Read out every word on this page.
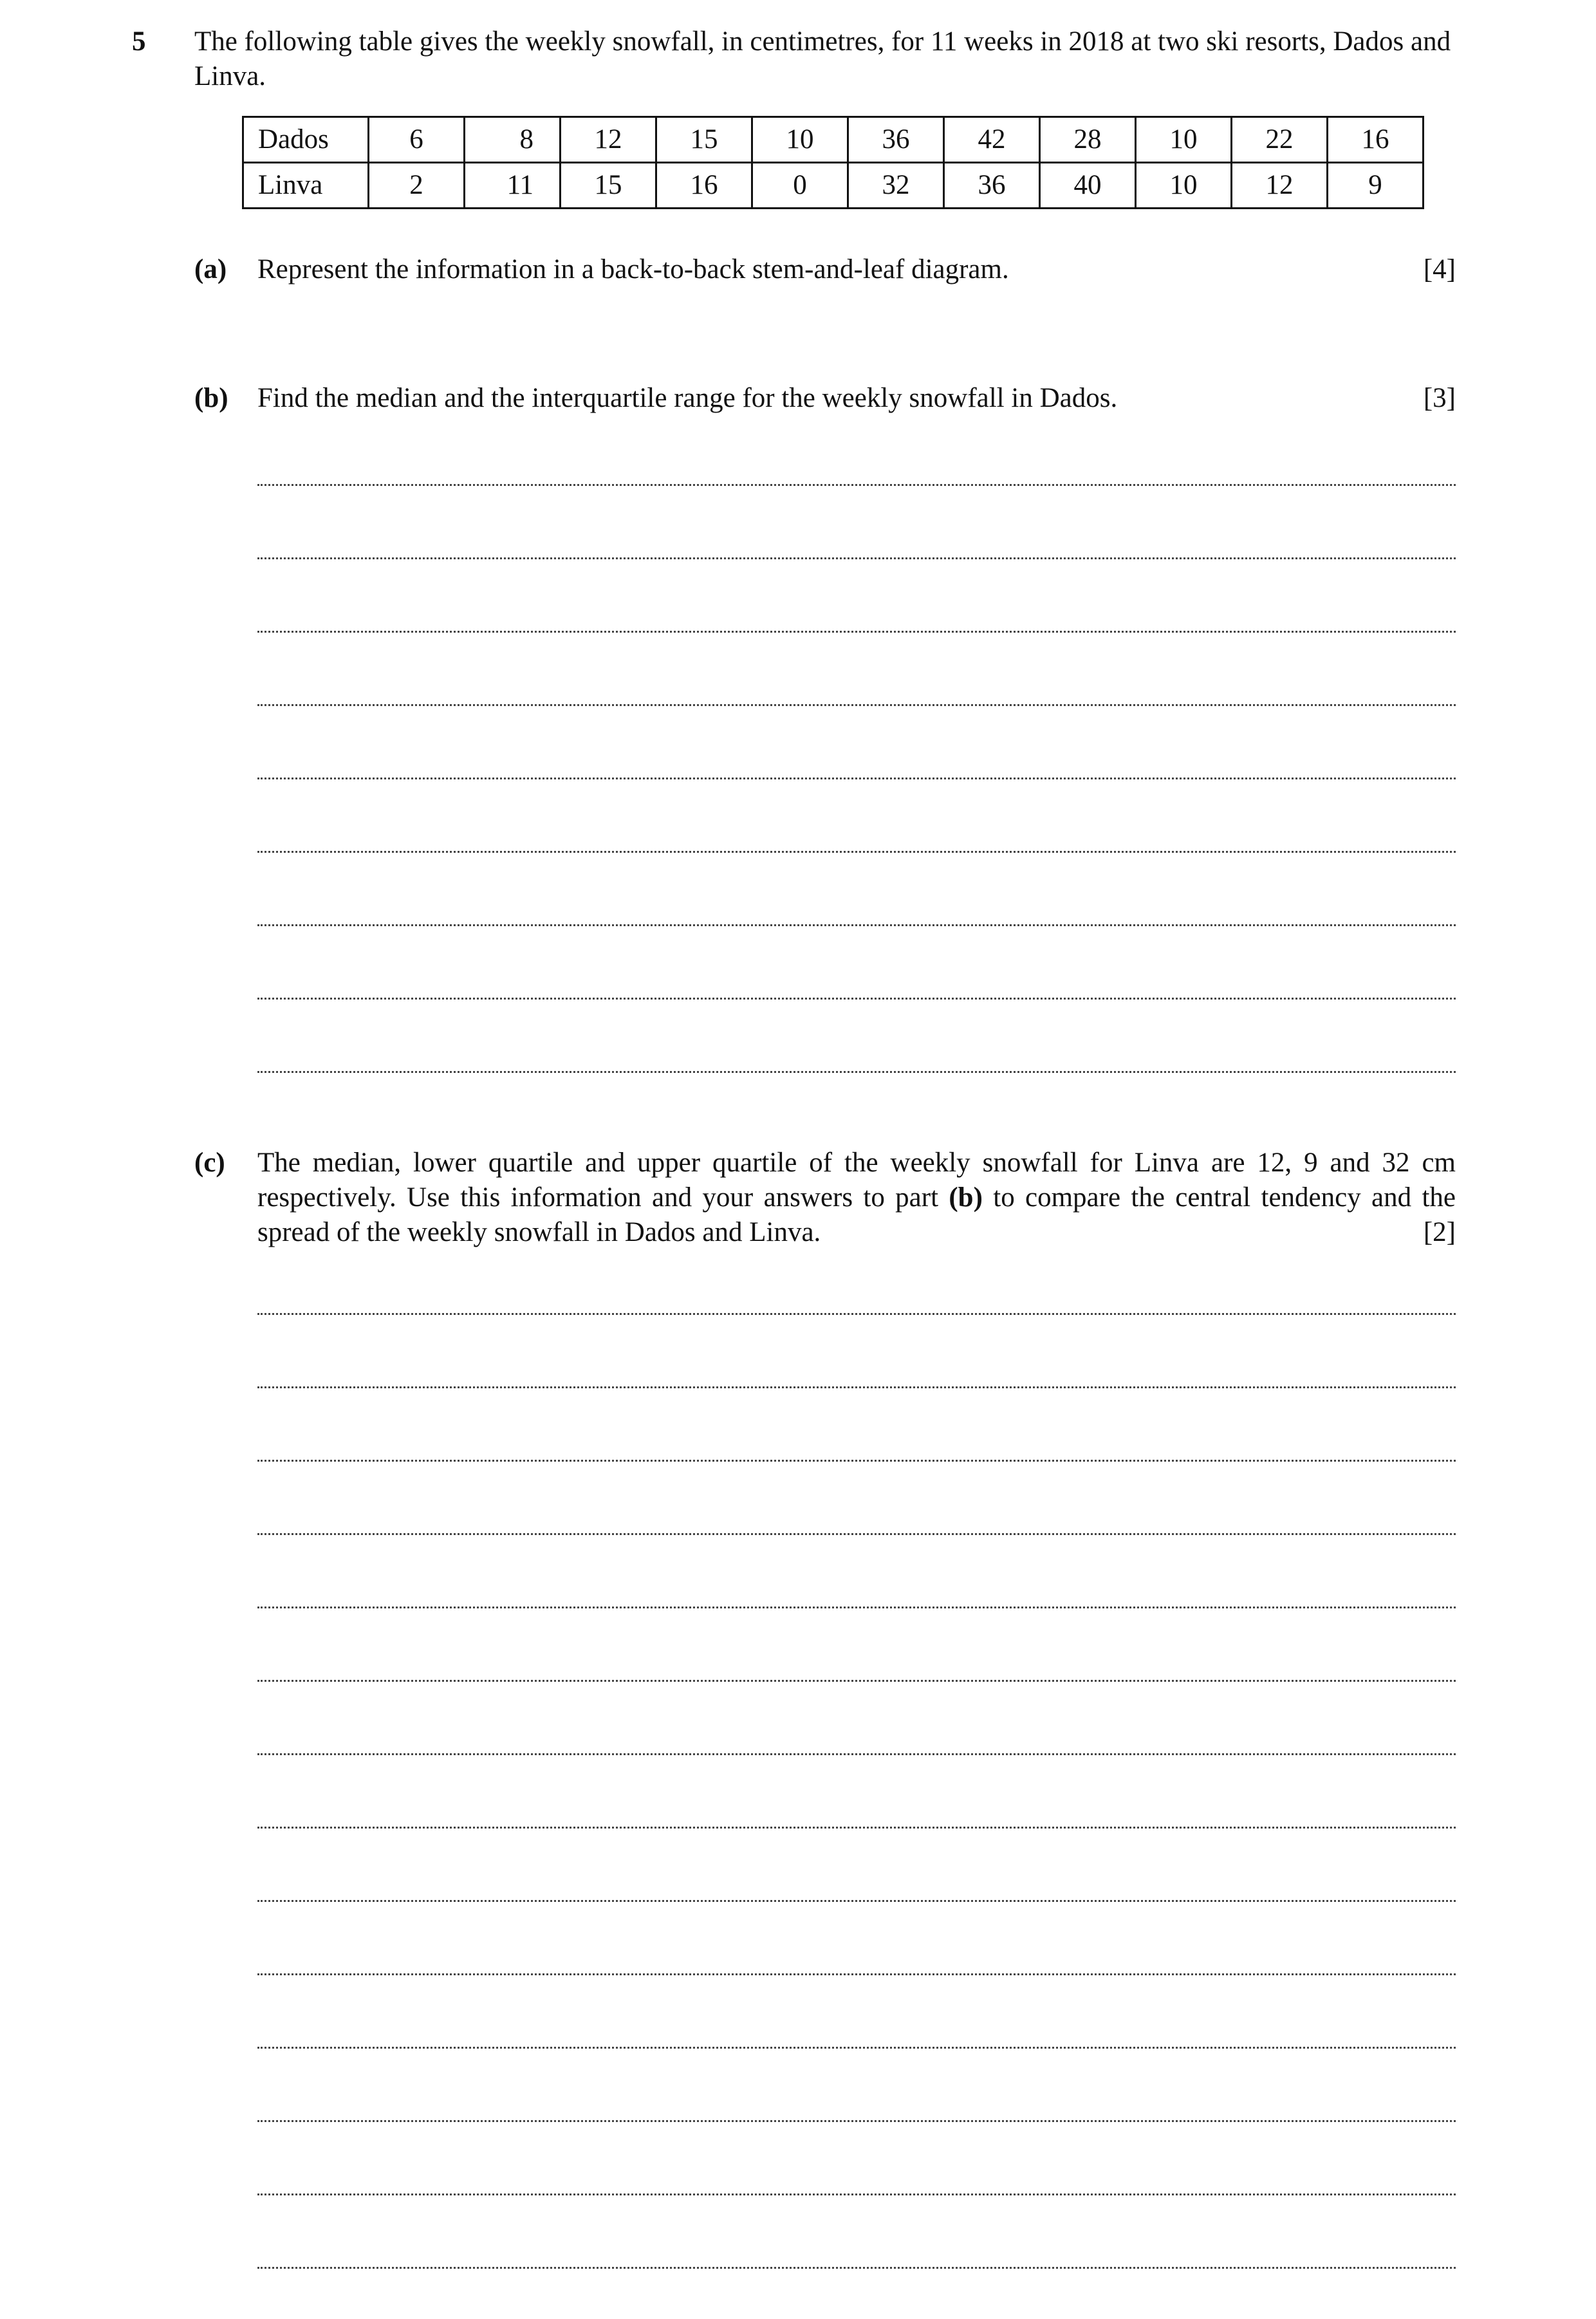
5 The following table gives the weekly snowfall, in centimetres, for 11 weeks in 2018 at two ski resorts, Dados and Linva.
Dados	6	8	12	15	10	36	42	28	10	22	16
Linva	2	11	15	16	0	32	36	40	10	12	9
(a) Represent the information in a back-to-back stem-and-leaf diagram.	[4]
(b) Find the median and the interquartile range for the weekly snowfall in Dados.	[3]
(c) The median, lower quartile and upper quartile of the weekly snowfall for Linva are 12, 9 and 32 cm respectively. Use this information and your answers to part (b) to compare the central tendency and the spread of the weekly snowfall in Dados and Linva.	[2]
